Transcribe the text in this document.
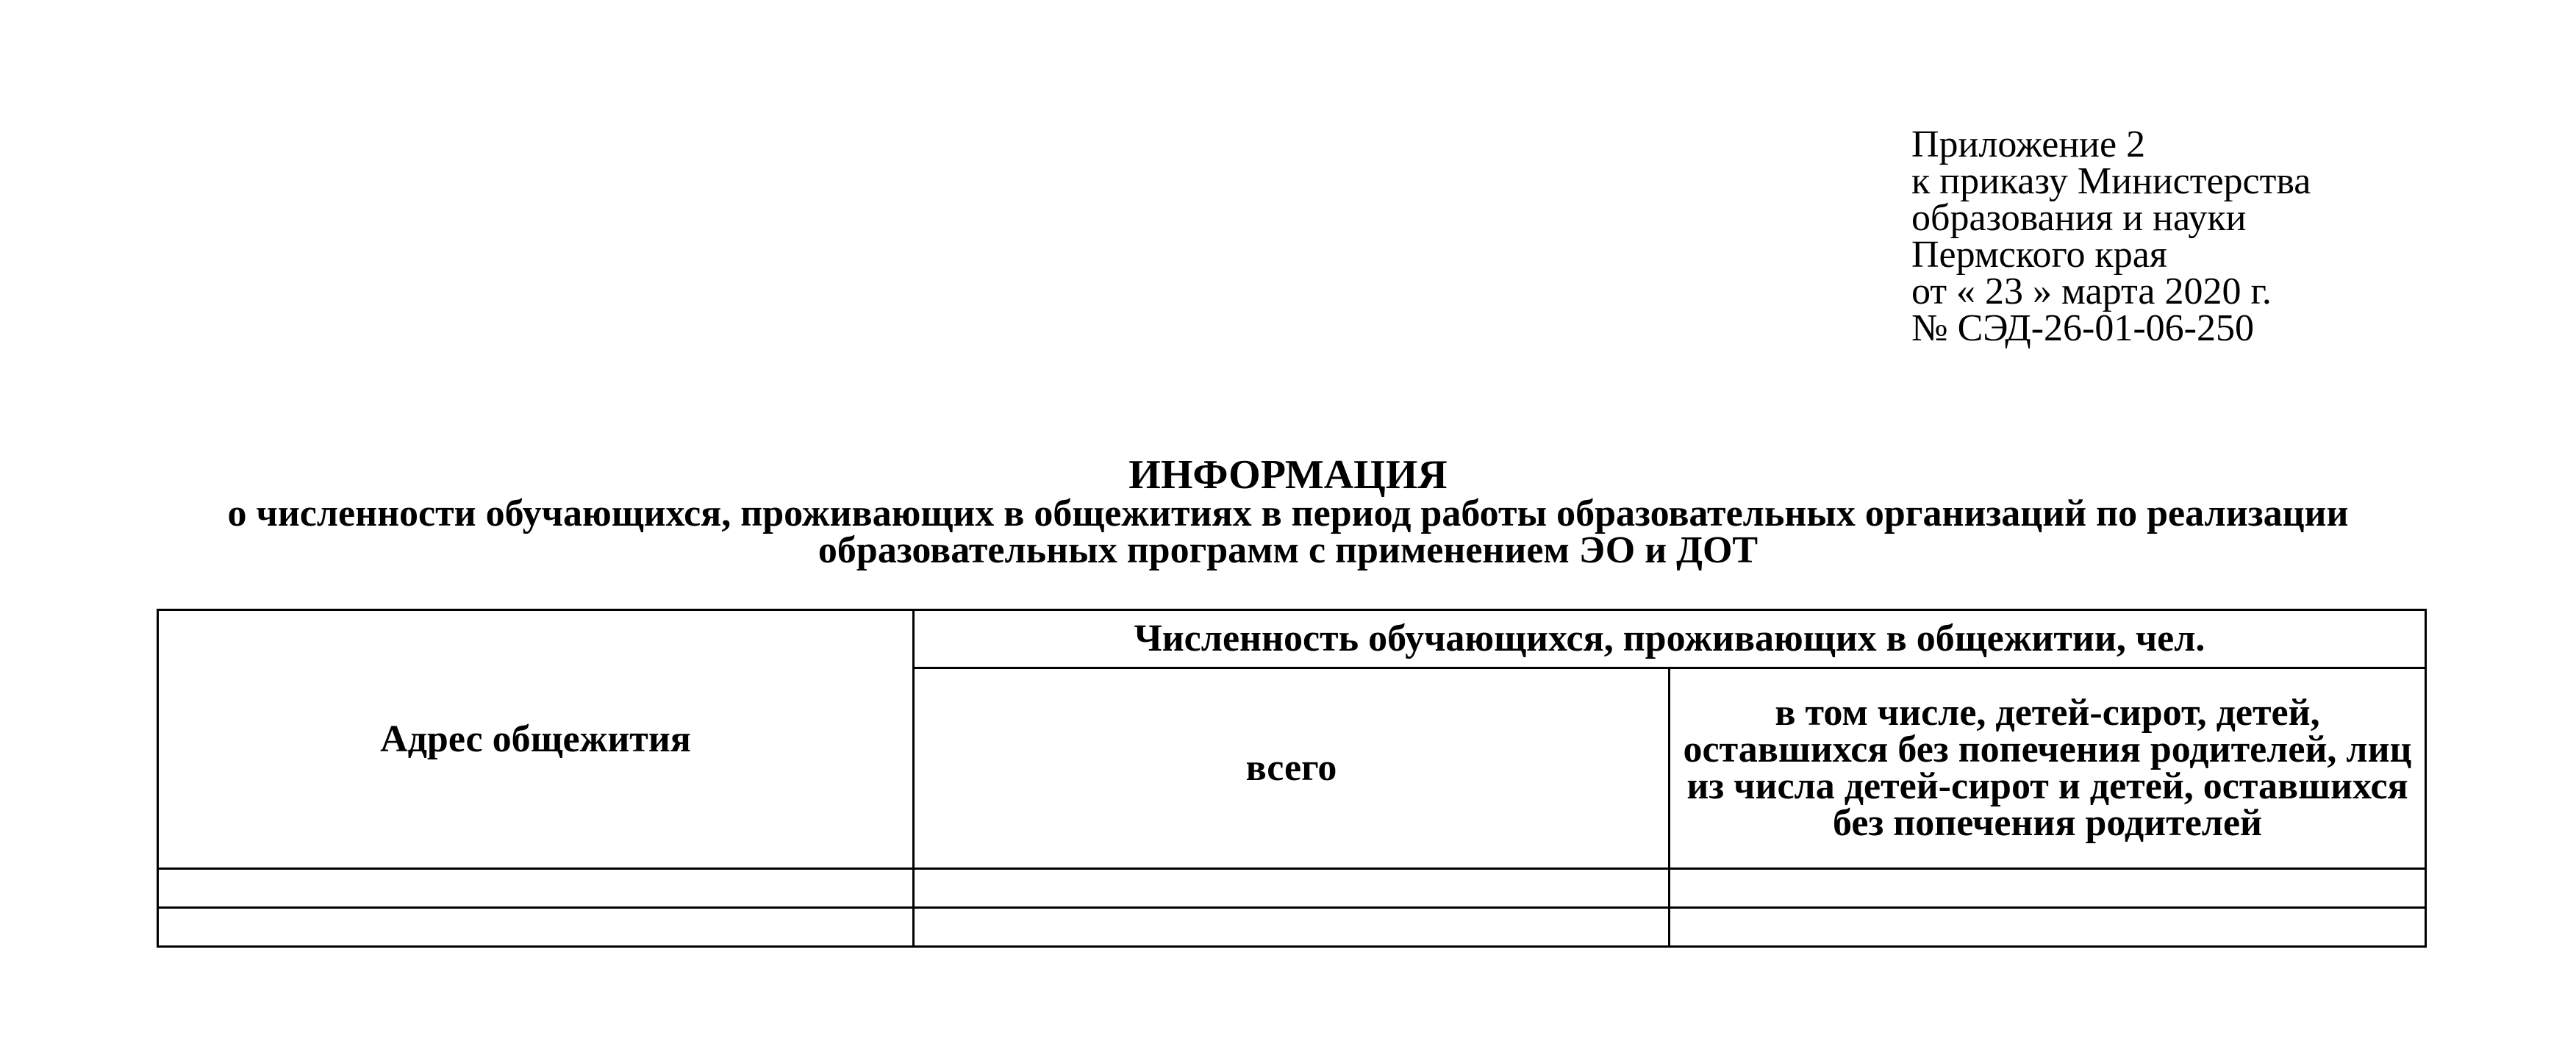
Приложение 2
к приказу Министерства
образования и науки
Пермского края
от « 23 » марта 2020 г.
№ СЭД-26-01-06-250
ИНФОРМАЦИЯ
о численности обучающихся, проживающих в общежитиях в период работы образовательных организаций по реализации образовательных программ с применением ЭО и ДОТ
Адрес общежития	Численность обучающихся, проживающих в общежитии, чел.	
	всего	в том числе, детей-сирот, детей, оставшихся без попечения родителей, лиц из числа детей-сирот и детей, оставшихся без попечения родителей
